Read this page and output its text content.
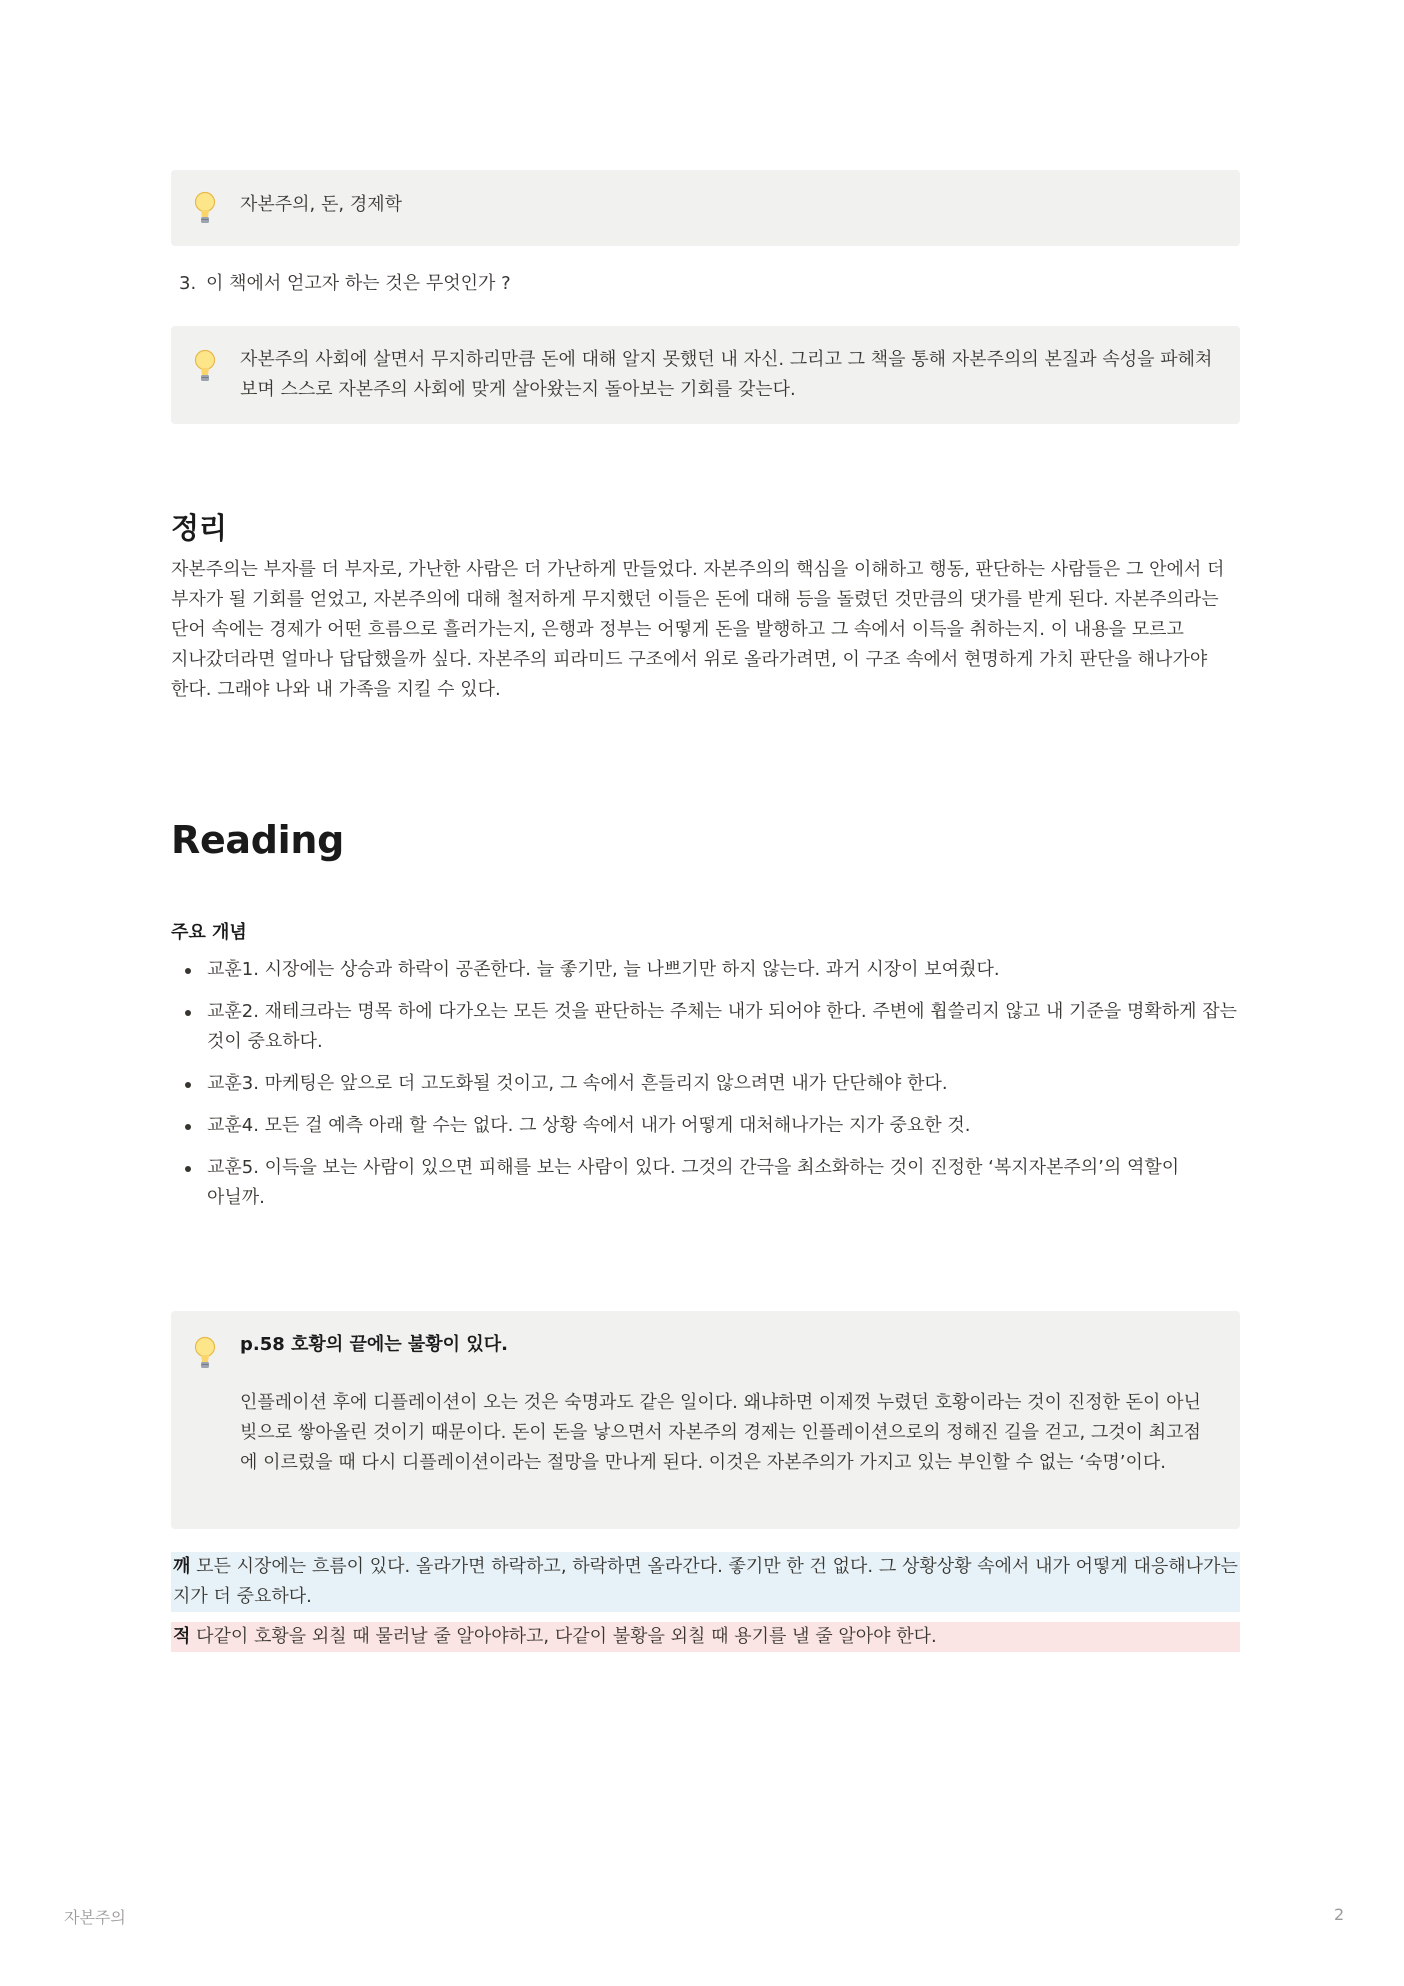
자본주의, 돈, 경제학
3. 이 책에서 얻고자 하는 것은 무엇인가 ?
자본주의 사회에 살면서 무지하리만큼 돈에 대해 알지 못했던 내 자신. 그리고 그 책을 통해 자본주의의 본질과 속성을 파헤쳐보며 스스로 자본주의 사회에 맞게 살아왔는지 돌아보는 기회를 갖는다.
정리
자본주의는 부자를 더 부자로, 가난한 사람은 더 가난하게 만들었다. 자본주의의 핵심을 이해하고 행동, 판단하는 사람들은 그 안에서 더 부자가 될 기회를 얻었고, 자본주의에 대해 철저하게 무지했던 이들은 돈에 대해 등을 돌렸던 것만큼의 댓가를 받게 된다. 자본주의라는 단어 속에는 경제가 어떤 흐름으로 흘러가는지, 은행과 정부는 어떻게 돈을 발행하고 그 속에서 이득을 취하는지. 이 내용을 모르고 지나갔더라면 얼마나 답답했을까 싶다. 자본주의 피라미드 구조에서 위로 올라가려면, 이 구조 속에서 현명하게 가치 판단을 해나가야 한다. 그래야 나와 내 가족을 지킬 수 있다.
Reading
주요 개념
교훈1. 시장에는 상승과 하락이 공존한다. 늘 좋기만, 늘 나쁘기만 하지 않는다. 과거 시장이 보여줬다.
교훈2. 재테크라는 명목 하에 다가오는 모든 것을 판단하는 주체는 내가 되어야 한다. 주변에 휩쓸리지 않고 내 기준을 명확하게 잡는 것이 중요하다.
교훈3. 마케팅은 앞으로 더 고도화될 것이고, 그 속에서 흔들리지 않으려면 내가 단단해야 한다.
교훈4. 모든 걸 예측 아래 할 수는 없다. 그 상황 속에서 내가 어떻게 대처해나가는 지가 중요한 것.
교훈5. 이득을 보는 사람이 있으면 피해를 보는 사람이 있다. 그것의 간극을 최소화하는 것이 진정한 ‘복지자본주의’의 역할이 아닐까.
p.58 호황의 끝에는 불황이 있다.
인플레이션 후에 디플레이션이 오는 것은 숙명과도 같은 일이다. 왜냐하면 이제껏 누렸던 호황이라는 것이 진정한 돈이 아닌 빚으로 쌓아올린 것이기 때문이다. 돈이 돈을 낳으면서 자본주의 경제는 인플레이션으로의 정해진 길을 걷고, 그것이 최고점에 이르렀을 때 다시 디플레이션이라는 절망을 만나게 된다. 이것은 자본주의가 가지고 있는 부인할 수 없는 ‘숙명’이다.
깨 모든 시장에는 흐름이 있다. 올라가면 하락하고, 하락하면 올라간다. 좋기만 한 건 없다. 그 상황상황 속에서 내가 어떻게 대응해나가는 지가 더 중요하다.
적 다같이 호황을 외칠 때 물러날 줄 알아야하고, 다같이 불황을 외칠 때 용기를 낼 줄 알아야 한다.
자본주의	2
